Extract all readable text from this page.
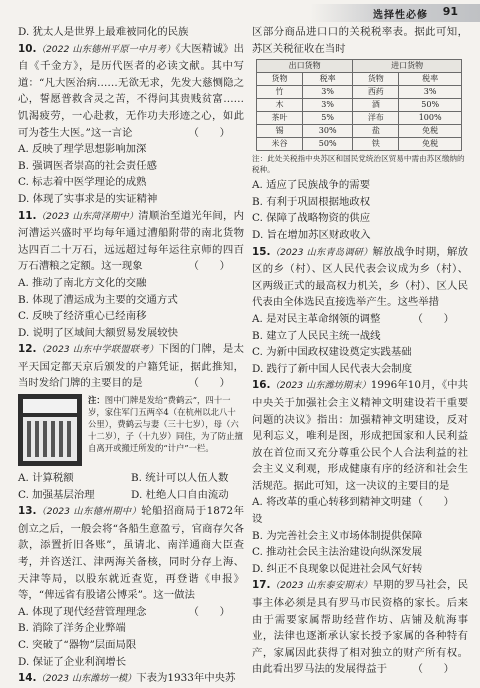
选择性必修 91

D. 犹太人是世界上最难被同化的民族

10.（2022 山东德州平原一中月考）《大医精诚》出自《千金方》，是历代医者的必读文献。其中写道：“凡大医治病……无欲无求，先发大慈恻隐之心，誓愿普救含灵之苦，不得问其贵贱贫富……饥渴疲劳，一心赴救，无作功夫形迹之心，如此可为苍生大医。”这一言论	（　　）

A. 反映了理学思想影响加深

B. 强调医者崇高的社会责任感

C. 标志着中医学理论的成熟

D. 体现了实事求是的实证精神

11.（2023 山东菏泽期中）清顺治至道光年间，内河漕运兴盛时平均每年通过漕船附带的南北货物达四百二十万石，远远超过每年运往京师的四百万石漕粮之定额。这一现象	（　　）

A. 推动了南北方文化的交融

B. 体现了漕运成为主要的交通方式

C. 反映了经济重心已经南移

D. 说明了区域间大额贸易发展较快

12.（2023 山东中学联盟联考）下图的门牌，是太平天国定都天京后颁发的户籍凭证，据此推知，当时发给门牌的主要目的是	（　　）

注：图中门牌是发给“费鹤云”，四十一岁，家住军门五两卒4（在杭州以北八十公里），费鹤云与妻（三十七岁），母（六十二岁），子（十九岁）同住，为了防止擅自离开或搬迁所发的“计户”一栏。

A. 计算税额	B. 统计可以人伍人数

C. 加强基层治理	D. 杜绝人口自由流动

13.（2023 山东德州期中）轮船招商局于1872年创立之后，一般会将“各船生意盈亏，官商存欠各款，添置折旧各账”，虽请北、南洋通商大臣查考，并咨送江、津两海关备核，同时分存上海、天津等局，以股东就近查览，再登谐《申报》等，“俾远省有股诸公博采”。这一做法
（　　）

A. 体现了现代经营管理理念

B. 消除了洋务企业弊端

C. 突破了“器物”层面局限

D. 保证了企业利润增长

14.（2023 山东潍坊一模）下表为1933年中央苏

区部分商品进口口的关税税率表。据此可知，苏区关税征收在当时

出口货物		进口货物	
货物	税率	货物	税率
竹	3%	西药	3%
木	3%	酒	50%
茶叶	5%	洋布	100%
锡	30%	盐	免税
米谷	50%	铁	免税

注：此处关税指中央苏区和国民党统治区贸易中需由苏区缴纳的税种。

A. 适应了民族战争的需要

B. 有利于巩固根据地政权

C. 保障了战略物资的供应

D. 旨在增加苏区财政收入

15.（2023 山东青岛调研）解放战争时期，解放区的乡（村）、区人民代表会议成为乡（村）、区两级正式的最高权力机关，乡（村）、区人民代表由全体选民直接选举产生。这些举措
（　　）

A. 是对民主革命纲领的调整

B. 建立了人民民主统一战线

C. 为新中国政权建设奠定实践基础

D. 践行了新中国人民代表大会制度

16.（2023 山东潍坊期末）1996年10月，《中共中央关于加强社会主义精神文明建设若干重要问题的决议》指出：加强精神文明建设，反对见利忘义，唯利是图，形成把国家和人民利益放在首位而又充分尊重公民个人合法利益的社会主义义利观，形成健康有序的经济和社会生活规范。据此可知，这一决议的主要目的是
（　　）

A. 将改革的重心转移到精神文明建设

B. 为完善社会主义市场体制提供保障

C. 推动社会民主法治建设向纵深发展

D. 纠正不良现象以促进社会风气好转

17.（2023 山东泰安期末）早期的罗马社会，民事主体必须是具有罗马市民资格的家长。后来由于需要家属帮助经营作坊、店铺及航海事业，法律也逐渐承认家长授予家属的各种特有产，家属因此获得了相对独立的财产所有权。由此看出罗马法的发展得益于 （　　）
